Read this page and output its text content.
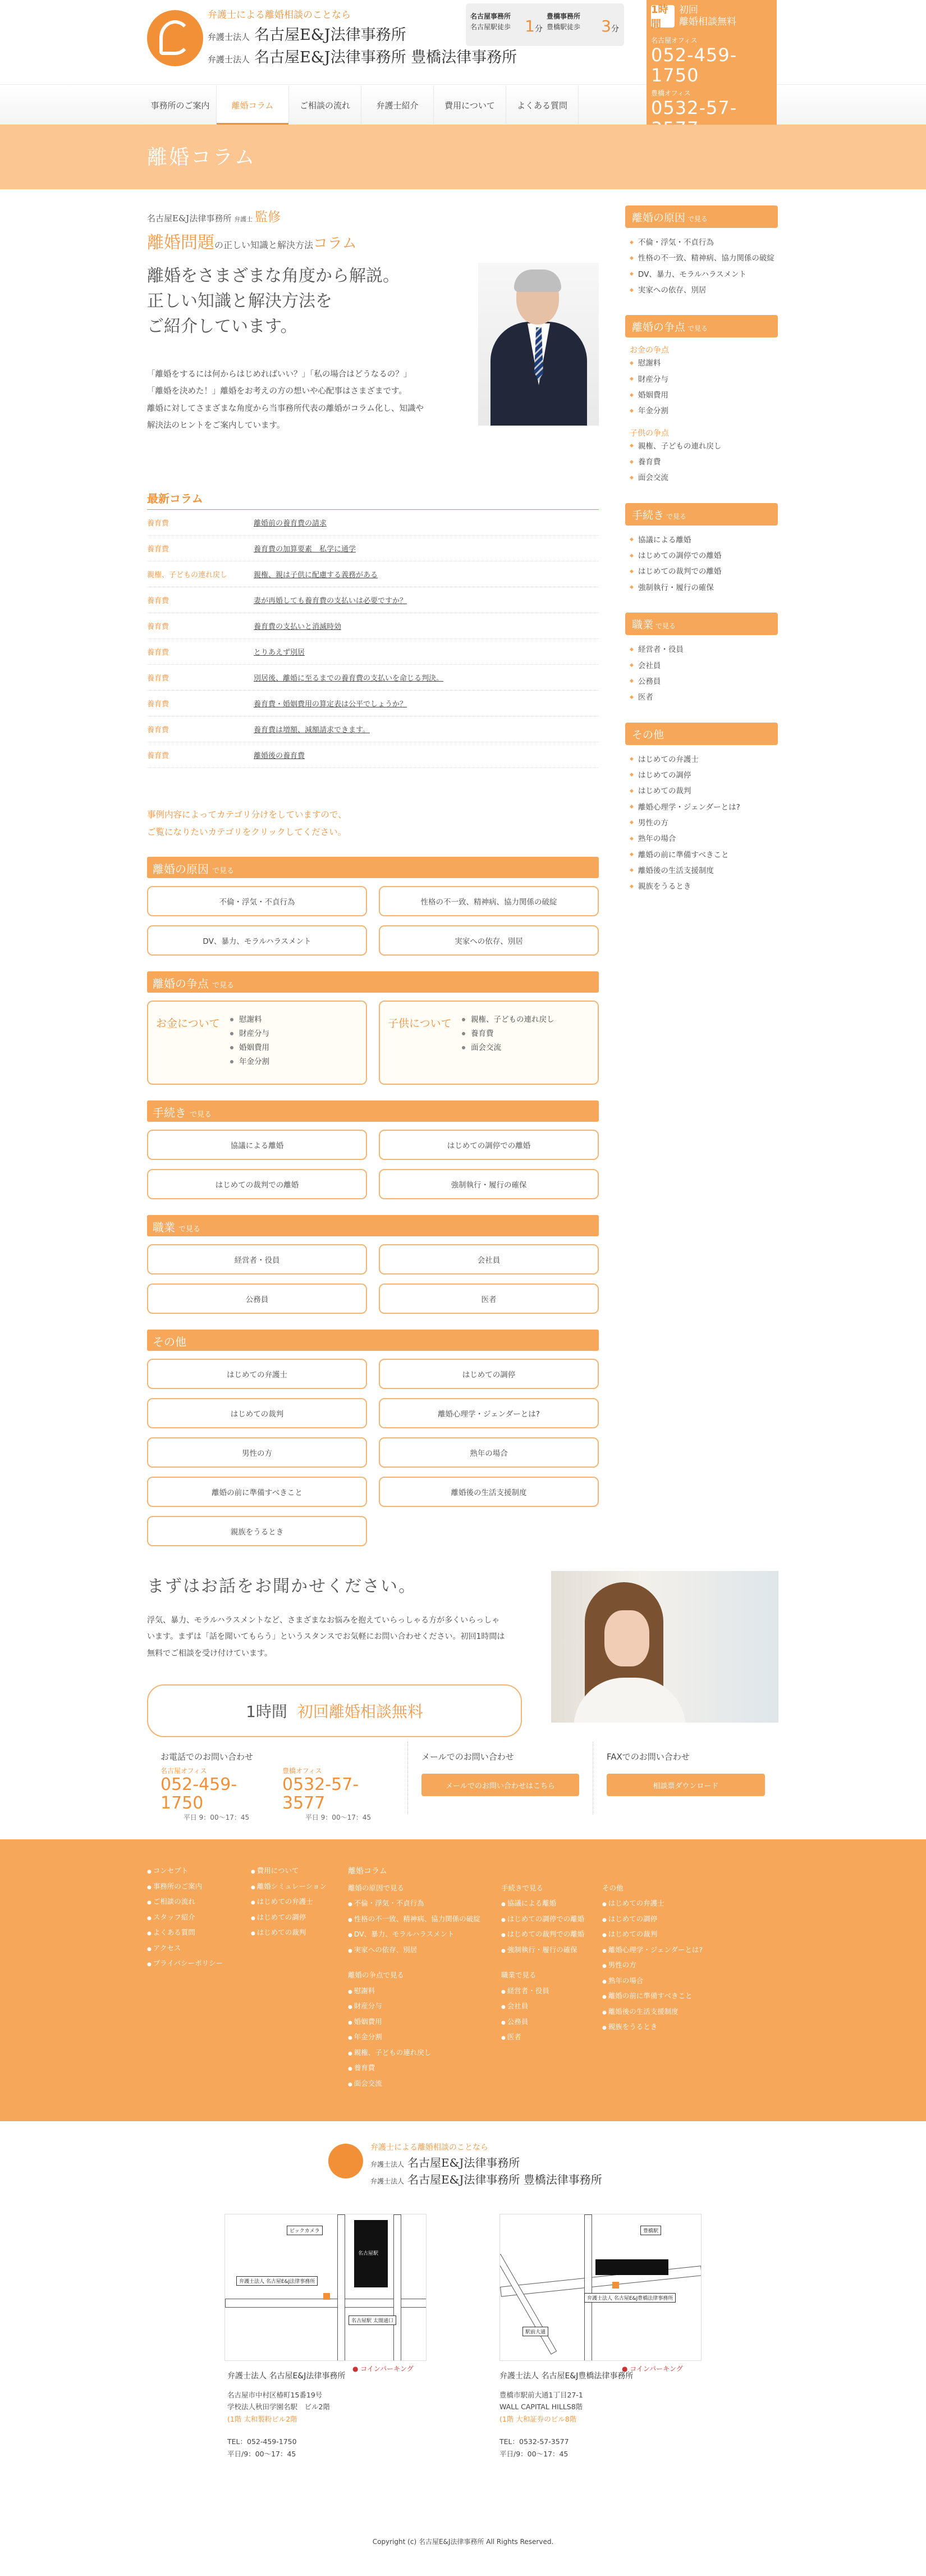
弁護士による離婚相談のことなら
弁護士法人 名古屋E&J法律事務所
弁護士法人 名古屋E&J法律事務所 豊橋法律事務所
名古屋事務所
名古屋駅徒歩 1分
豊橋事務所
豊橋駅徒歩	3分
1時間
初回
離婚相談無料
名古屋オフィス
052-459-1750
豊橋オフィス
0532-57-
事務所のご案内	離婚コラム	ご相談の流れ	弁護士紹介	費用について	よくある質問
離婚コラム
名古屋E&J法律事務所 弁護士 監修
離婚問題の正しい知識と解決方法コラム
離婚をさまざまな角度から解説。
正しい知識と解決方法を
ご紹介しています。
「離婚をするには何からはじめればいい？」「私の場合はどうなるの？」
「離婚を決めた！」離婚をお考えの方の想いや心配事はさまざまです。
離婚に対してさまざまな角度から当事務所代表の離婚がコラム化し、知識や
解決法のヒントをご案内しています。
最新コラム
養育費	離婚前の養育費の請求
養育費	養育費の加算要素　私学に通学
親権、子どもの連れ戻し	親権、親は子供に配慮する義務がある
養育費	妻が再婚しても養育費の支払いは必要ですか？
養育費	養育費の支払いと消滅時効
養育費	とりあえず別居
養育費	別居後、離婚に至るまでの養育費の支払いを命じる判決。
養育費	養育費・婚姻費用の算定表は公平でしょうか？
養育費	養育費は増額、減額請求できます。
養育費	離婚後の養育費
事例内容によってカテゴリ分けをしていますので、
ご覧になりたいカテゴリをクリックしてください。
離婚の原因 で見る
不倫・浮気・不貞行為	性格の不一致、精神病、協力関係の破綻
DV、暴力、モラルハラスメント	実家への依存、別居
離婚の争点 で見る
お金について	慰謝料
財産分与
婚姻費用
年金分割
子供について	親権、子どもの連れ戻し
養育費
面会交流
手続き で見る
協議による離婚	はじめての調停での離婚
はじめての裁判での離婚	強制執行・履行の確保
職業 で見る
経営者・役員	会社員
公務員	医者
その他
はじめての弁護士	はじめての調停
はじめての裁判	離婚心理学・ジェンダーとは?
男性の方	熟年の場合
離婚の前に準備すべきこと	離婚後の生活支援制度
親族をうるとき
離婚の原因 で見る
◆ 不倫・浮気・不貞行為
◆ 性格の不一致、精神病、協力関係の破綻
◆ DV、暴力、モラルハラスメント
◆ 実家への依存、別居
離婚の争点 で見る
お金の争点
◆ 慰謝料
◆ 財産分与
◆ 婚姻費用
◆ 年金分割
子供の争点
◆ 親権、子どもの連れ戻し
◆ 養育費
◆ 面会交流
手続き で見る
◆ 協議による離婚
◆ はじめての調停での離婚
◆ はじめての裁判での離婚
◆ 強制執行・履行の確保
職業 で見る
◆ 経営者・役員
◆ 会社員
◆ 公務員
◆ 医者
その他
◆ はじめての弁護士
◆ はじめての調停
◆ はじめての裁判
◆ 離婚心理学・ジェンダーとは?
◆ 男性の方
◆ 熟年の場合
◆ 離婚の前に準備すべきこと
◆ 離婚後の生活支援制度
◆ 親族をうるとき
まずはお話をお聞かせください。
浮気、暴力、モラルハラスメントなど、さまざまなお悩みを抱えていらっしゃる方が多くいらっしゃ
います。まずは「話を聞いてもらう」というスタンスでお気軽にお問い合わせください。初回1時間は
無料でご相談を受け付けています。
1時間 初回離婚相談無料
お電話でのお問い合わせ
名古屋オフィス
052-459-1750
平日 9：00〜17：45
豊橋オフィス
0532-57-3577
平日 9：00〜17：45
メールでのお問い合わせ
メールでのお問い合わせはこちら
FAXでのお問い合わせ
相談票ダウンロード
● コンセプト
● 事務所のご案内
● ご相談の流れ
● スタッフ紹介
● よくある質問
● アクセス
● プライバシーポリシー
● 費用について
● 離婚シミュレーション
● はじめての弁護士
● はじめての調停
● はじめての裁判
離婚コラム
離婚の原因で見る
● 不倫・浮気・不貞行為
● 性格の不一致、精神病、協力関係の破綻
● DV、暴力、モラルハラスメント
● 実家への依存、別居
離婚の争点で見る
● 慰謝料
● 財産分与
● 婚姻費用
● 年金分割
● 親権、子どもの連れ戻し
● 養育費
● 面会交流
手続きで見る
● 協議による離婚
● はじめての調停での離婚
● はじめての裁判での離婚
● 強制執行・履行の確保
職業で見る
● 経営者・役員
● 会社員
● 公務員
● 医者
その他
● はじめての弁護士
● はじめての調停
● はじめての裁判
● 離婚心理学・ジェンダーとは?
● 男性の方
● 熟年の場合
● 離婚の前に準備すべきこと
● 離婚後の生活支援制度
● 親族をうるとき
弁護士による離婚相談のことなら
弁護士法人 名古屋E&J法律事務所
弁護士法人 名古屋E&J法律事務所 豊橋法律事務所
ビックカメラ
名古屋駅
弁護士法人 名古屋E&J法律事務所
名古屋駅 太閤通口
● コインパーキング
豊橋駅
弁護士法人 名古屋E&J豊橋法律事務所
駅前大通
● コインパーキング
弁護士法人 名古屋E&J法律事務所
名古屋市中村区椿町15番19号
学校法人秋田学園名駅　ビル2階
(1階 太和製粉ビル2階
TEL：052-459-1750
平日/9：00〜17：45
弁護士法人 名古屋E&J豊橋法律事務所
豊橋市駅前大通1丁目27-1
WALL CAPITAL HILLS8階
(1階 大和証券のビル8階
TEL：0532-57-3577
平日/9：00〜17：45
Copyright (c) 名古屋E&J法律事務所 All Rights Reserved.
